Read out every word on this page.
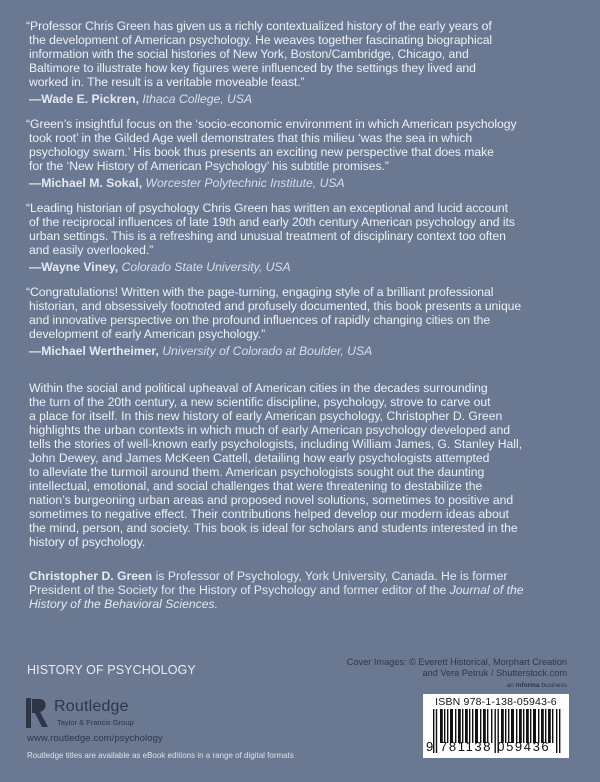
“Professor Chris Green has given us a richly contextualized history of the early years of
the development of American psychology. He weaves together fascinating biographical
information with the social histories of New York, Boston/Cambridge, Chicago, and
Baltimore to illustrate how key figures were influenced by the settings they lived and
worked in. The result is a veritable moveable feast.”

—Wade E. Pickren, Ithaca College, USA

“Green’s insightful focus on the ‘socio-economic environment in which American psychology
took root’ in the Gilded Age well demonstrates that this milieu ‘was the sea in which
psychology swam.’ His book thus presents an exciting new perspective that does make
for the ‘New History of American Psychology’ his subtitle promises.”

—Michael M. Sokal, Worcester Polytechnic Institute, USA

“Leading historian of psychology Chris Green has written an exceptional and lucid account
of the reciprocal influences of late 19th and early 20th century American psychology and its
urban settings. This is a refreshing and unusual treatment of disciplinary context too often
and easily overlooked.”

—Wayne Viney, Colorado State University, USA

“Congratulations! Written with the page-turning, engaging style of a brilliant professional
historian, and obsessively footnoted and profusely documented, this book presents a unique
and innovative perspective on the profound influences of rapidly changing cities on the
development of early American psychology.”

—Michael Wertheimer, University of Colorado at Boulder, USA

Within the social and political upheaval of American cities in the decades surrounding
the turn of the 20th century, a new scientific discipline, psychology, strove to carve out
a place for itself. In this new history of early American psychology, Christopher D. Green
highlights the urban contexts in which much of early American psychology developed and
tells the stories of well-known early psychologists, including William James, G. Stanley Hall,
John Dewey, and James McKeen Cattell, detailing how early psychologists attempted
to alleviate the turmoil around them. American psychologists sought out the daunting
intellectual, emotional, and social challenges that were threatening to destabilize the
nation’s burgeoning urban areas and proposed novel solutions, sometimes to positive and
sometimes to negative effect. Their contributions helped develop our modern ideas about
the mind, person, and society. This book is ideal for scholars and students interested in the
history of psychology.
Christopher D. Green is Professor of Psychology, York University, Canada. He is former
President of the Society for the History of Psychology and former editor of the Journal of the
History of the Behavioral Sciences.
HISTORY OF PSYCHOLOGY
Routledge
Taylor & Francis Group
www.routledge.com/psychology
Routledge titles are available as eBook editions in a range of digital formats
Cover Images: © Everett Historical, Morphart Creation
and Vera Petruk / Shutterstock.com
an informa business
ISBN 978-1-138-05943-6
9 781138 059436
